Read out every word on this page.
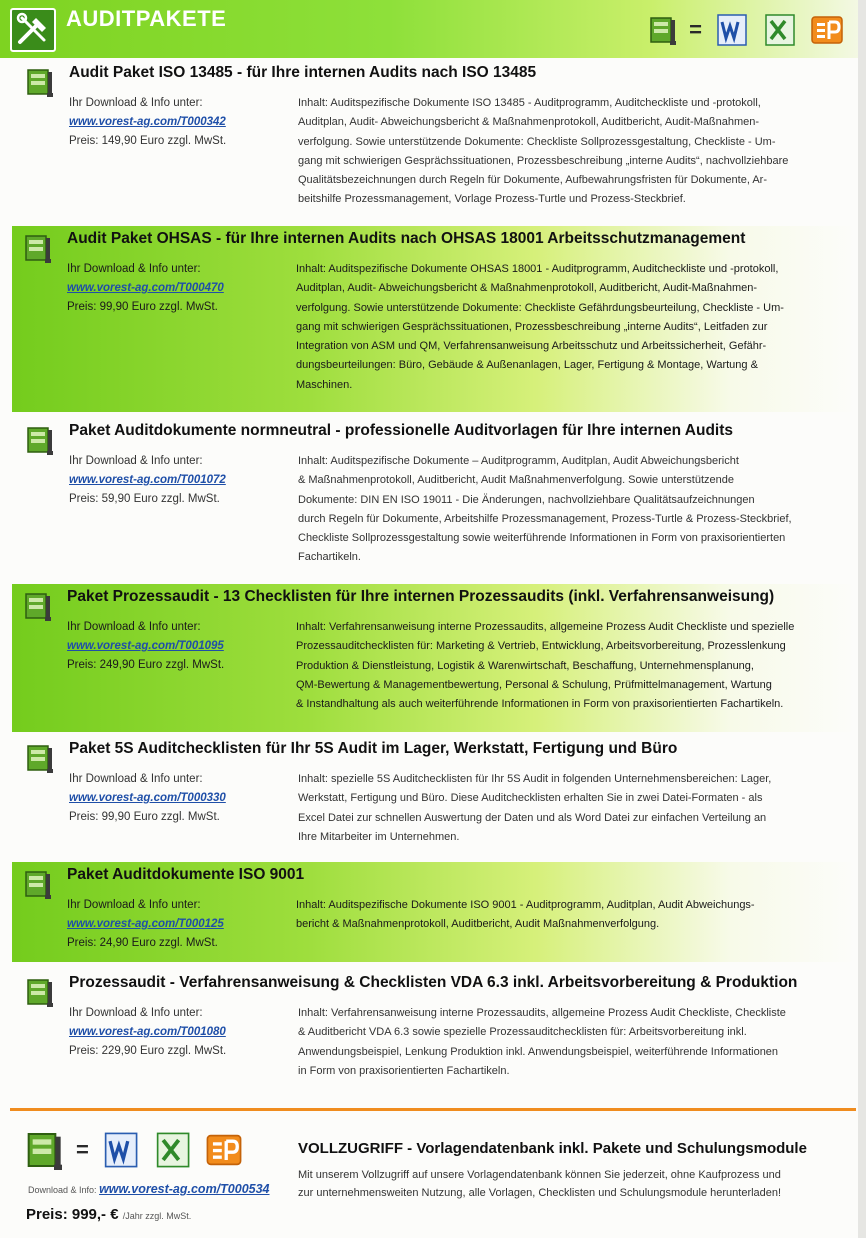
AUDITPAKETE	=
Audit Paket ISO 13485 - für Ihre internen Audits nach ISO 13485
Ihr Download & Info unter:
www.vorest-ag.com/T000342
Preis: 149,90 Euro zzgl. MwSt.
Inhalt: Auditspezifische Dokumente ISO 13485 - Auditprogramm, Auditcheckliste und -protokoll,
Auditplan, Audit- Abweichungsbericht & Maßnahmenprotokoll, Auditbericht, Audit-Maßnahmen-
verfolgung. Sowie unterstützende Dokumente: Checkliste Sollprozessgestaltung, Checkliste - Um-
gang mit schwierigen Gesprächssituationen, Prozessbeschreibung „interne Audits“, nachvollziehbare
Qualitätsbezeichnungen durch Regeln für Dokumente, Aufbewahrungsfristen für Dokumente, Ar-
beitshilfe Prozessmanagement, Vorlage Prozess-Turtle und Prozess-Steckbrief.
Audit Paket OHSAS - für Ihre internen Audits nach OHSAS 18001 Arbeitsschutzmanagement
Ihr Download & Info unter:
www.vorest-ag.com/T000470
Preis: 99,90 Euro zzgl. MwSt.
Inhalt: Auditspezifische Dokumente OHSAS 18001 - Auditprogramm, Auditcheckliste und -protokoll,
Auditplan, Audit- Abweichungsbericht & Maßnahmenprotokoll, Auditbericht, Audit-Maßnahmen-
verfolgung. Sowie unterstützende Dokumente: Checkliste Gefährdungsbeurteilung, Checkliste - Um-
gang mit schwierigen Gesprächssituationen, Prozessbeschreibung „interne Audits“, Leitfaden zur
Integration von ASM und QM, Verfahrensanweisung Arbeitsschutz und Arbeitssicherheit, Gefähr-
dungsbeurteilungen: Büro, Gebäude & Außenanlagen, Lager, Fertigung & Montage, Wartung &
Maschinen.
Paket Auditdokumente normneutral - professionelle Auditvorlagen für Ihre internen Audits
Ihr Download & Info unter:
www.vorest-ag.com/T001072
Preis: 59,90 Euro zzgl. MwSt.
Inhalt: Auditspezifische Dokumente – Auditprogramm, Auditplan, Audit Abweichungsbericht
& Maßnahmenprotokoll, Auditbericht, Audit Maßnahmenverfolgung. Sowie unterstützende
Dokumente: DIN EN ISO 19011 - Die Änderungen, nachvollziehbare Qualitätsaufzeichnungen
durch Regeln für Dokumente, Arbeitshilfe Prozessmanagement, Prozess-Turtle & Prozess-Steckbrief,
Checkliste Sollprozessgestaltung sowie weiterführende Informationen in Form von praxisorientierten
Fachartikeln.
Paket Prozessaudit - 13 Checklisten für Ihre internen Prozessaudits (inkl. Verfahrensanweisung)
Ihr Download & Info unter:
www.vorest-ag.com/T001095
Preis: 249,90 Euro zzgl. MwSt.
Inhalt: Verfahrensanweisung interne Prozessaudits, allgemeine Prozess Audit Checkliste und spezielle
Prozessauditchecklisten für: Marketing & Vertrieb, Entwicklung, Arbeitsvorbereitung, Prozesslenkung
Produktion & Dienstleistung, Logistik & Warenwirtschaft, Beschaffung, Unternehmensplanung,
QM-Bewertung & Managementbewertung, Personal & Schulung, Prüfmittelmanagement, Wartung
& Instandhaltung als auch weiterführende Informationen in Form von praxisorientierten Fachartikeln.
Paket 5S Auditchecklisten für Ihr 5S Audit im Lager, Werkstatt, Fertigung und Büro
Ihr Download & Info unter:
www.vorest-ag.com/T000330
Preis: 99,90 Euro zzgl. MwSt.
Inhalt: spezielle 5S Auditchecklisten für Ihr 5S Audit in folgenden Unternehmensbereichen: Lager,
Werkstatt, Fertigung und Büro. Diese Auditchecklisten erhalten Sie in zwei Datei-Formaten - als
Excel Datei zur schnellen Auswertung der Daten und als Word Datei zur einfachen Verteilung an
Ihre Mitarbeiter im Unternehmen.
Paket Auditdokumente ISO 9001
Ihr Download & Info unter:
www.vorest-ag.com/T000125
Preis: 24,90 Euro zzgl. MwSt.
Inhalt: Auditspezifische Dokumente ISO 9001 - Auditprogramm, Auditplan, Audit Abweichungs-
bericht & Maßnahmenprotokoll, Auditbericht, Audit Maßnahmenverfolgung.
Prozessaudit - Verfahrensanweisung & Checklisten VDA 6.3 inkl. Arbeitsvorbereitung & Produktion
Ihr Download & Info unter:
www.vorest-ag.com/T001080
Preis: 229,90 Euro zzgl. MwSt.
Inhalt: Verfahrensanweisung interne Prozessaudits, allgemeine Prozess Audit Checkliste, Checkliste
& Auditbericht VDA 6.3 sowie spezielle Prozessauditchecklisten für: Arbeitsvorbereitung inkl.
Anwendungsbeispiel, Lenkung Produktion inkl. Anwendungsbeispiel, weiterführende Informationen
in Form von praxisorientierten Fachartikeln.
=
Download & Info: www.vorest-ag.com/T000534
Preis: 999,- € /Jahr zzgl. MwSt.
VOLLZUGRIFF - Vorlagendatenbank inkl. Pakete und Schulungsmodule
Mit unserem Vollzugriff auf unsere Vorlagendatenbank können Sie jederzeit, ohne Kaufprozess und
zur unternehmensweiten Nutzung, alle Vorlagen, Checklisten und Schulungsmodule herunterladen!
